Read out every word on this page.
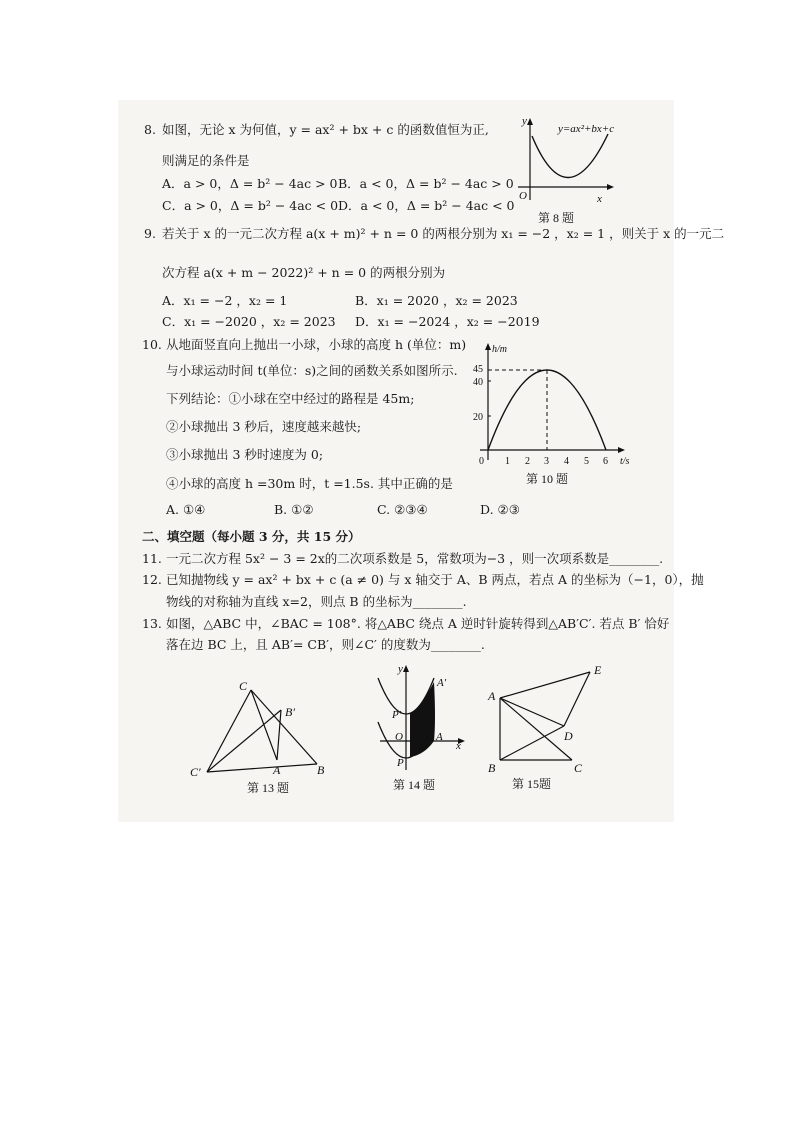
8. 如图，无论 x 为何值，y = ax² + bx + c 的函数值恒为正,
则满足的条件是
A．a > 0，Δ = b² − 4ac > 0 B．a < 0，Δ = b² − 4ac > 0
C．a > 0，Δ = b² − 4ac < 0 D．a < 0，Δ = b² − 4ac < 0
y
y=ax²+bx+c
O	x
第 8 题
9. 若关于 x 的一元二次方程 a(x + m)² + n = 0 的两根分别为 x₁ = −2 ，x₂ = 1 ，则关于 x 的一元二
次方程 a(x + m − 2022)² + n = 0 的两根分别为
A．x₁ = −2 ，x₂ = 1	B．x₁ = 2020 ，x₂ = 2023
C．x₁ = −2020 ，x₂ = 2023 D．x₁ = −2024 ，x₂ = −2019
10. 从地面竖直向上抛出一小球，小球的高度 h (单位：m)
与小球运动时间 t(单位：s)之间的函数关系如图所示.
下列结论：①小球在空中经过的路程是 45m;
②小球抛出 3 秒后，速度越来越快;
③小球抛出 3 秒时速度为 0;
④小球的高度 h =30m 时，t =1.5s. 其中正确的是
A. ①④	B. ①②	C. ②③④	D. ②③
h/m
45
40
20
0 1 2 3 4 5 6 t/s
第 10 题
二、填空题（每小题 3 分，共 15 分）
11. 一元二次方程 5x² − 3 = 2x的二次项系数是 5，常数项为−3 ，则一次项系数是________.
12. 已知抛物线 y = ax² + bx + c (a ≠ 0) 与 x 轴交于 A、B 两点，若点 A 的坐标为（−1，0），抛
物线的对称轴为直线 x=2，则点 B 的坐标为________.
13. 如图，△ABC 中，∠BAC = 108°. 将△ABC 绕点 A 逆时针旋转得到△AB′C′. 若点 B′ 恰好
落在边 BC 上，且 AB′= CB′，则∠C′ 的度数为________.
C
B′
C′	A	B
第 13 题
y
A′
P′
O	A
x
P
第 14 题
A
E
D
B	C
第 15题
